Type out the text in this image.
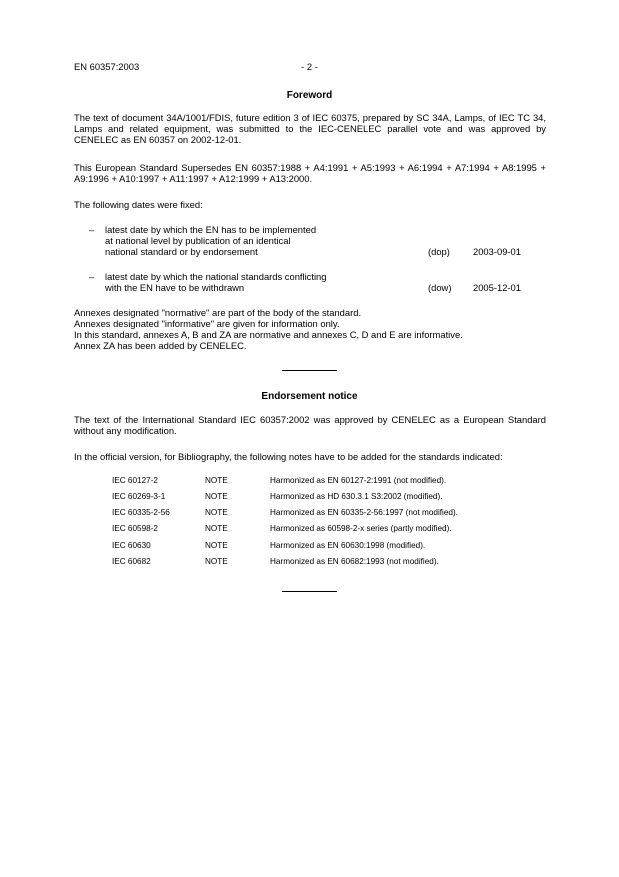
EN 60357:2003	- 2 -
Foreword

The text of document 34A/1001/FDIS, future edition 3 of IEC 60375, prepared by SC 34A, Lamps, of IEC TC 34, Lamps and related equipment, was submitted to the IEC-CENELEC parallel vote and was approved by CENELEC as EN 60357 on 2002-12-01.

This European Standard Supersedes EN 60357:1988 + A4:1991 + A5:1993 + A6:1994 + A7:1994 + A8:1995 + A9:1996 + A10:1997 + A11:1997 + A12:1999 + A13:2000.

The following dates were fixed:

– latest date by which the EN has to be implemented
at national level by publication of an identical
national standard or by endorsement	(dop) 2003-09-01
– latest date by which the national standards conflicting
with the EN have to be withdrawn	(dow) 2005-12-01
Annexes designated "normative" are part of the body of the standard.
Annexes designated "informative" are given for information only.
In this standard, annexes A, B and ZA are normative and annexes C, D and E are informative.
Annex ZA has been added by CENELEC.
Endorsement notice

The text of the International Standard IEC 60357:2002 was approved by CENELEC as a European Standard without any modification.

In the official version, for Bibliography, the following notes have to be added for the standards indicated:

IEC 60127-2	NOTE	Harmonized as EN 60127-2:1991 (not modified).
IEC 60269-3-1	NOTE	Harmonized as HD 630.3.1 S3:2002 (modified).
IEC 60335-2-56	NOTE	Harmonized as EN 60335-2-56:1997 (not modified).
IEC 60598-2	NOTE	Harmonized as 60598-2-x series (partly modified).
IEC 60630	NOTE	Harmonized as EN 60630:1998 (modified).
IEC 60682	NOTE	Harmonized as EN 60682:1993 (not modified).
